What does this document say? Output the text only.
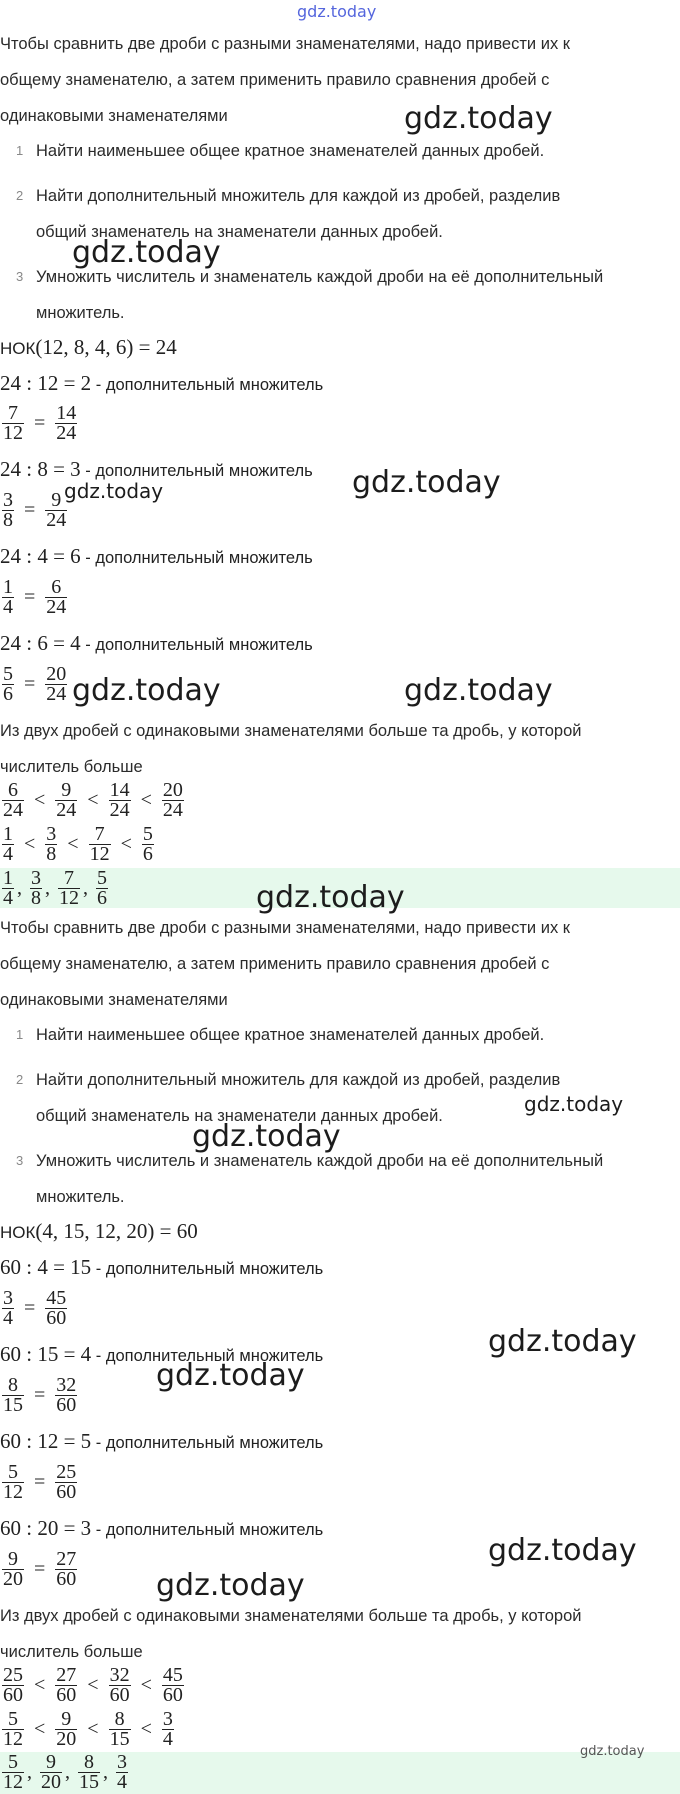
gdz.today
Чтобы сравнить две дроби с разными знаменателями, надо привести их к
общему знаменателю, а затем применить правило сравнения дробей с
одинаковыми знаменателями
1 Найти наименьшее общее кратное знаменателей данных дробей.
2 Найти дополнительный множитель для каждой из дробей, разделив
общий знаменатель на знаменатели данных дробей.
3 Умножить числитель и знаменатель каждой дроби на её дополнительный
множитель.
НОК(12, 8, 4, 6) = 24
24 : 12 = 2 - дополнительный множитель
$\frac{7}{12} = \frac{14}{24}$
24 : 8 = 3 - дополнительный множитель
$\frac{3}{8} = \frac{9}{24}$
24 : 4 = 6 - дополнительный множитель
$\frac{1}{4} = \frac{6}{24}$
24 : 6 = 4 - дополнительный множитель
$\frac{5}{6} = \frac{20}{24}$
Из двух дробей с одинаковыми знаменателями больше та дробь, у которой
числитель больше
$\frac{6}{24} < \frac{9}{24} < \frac{14}{24} < \frac{20}{24}$
$\frac{1}{4} < \frac{3}{8} < \frac{7}{12} < \frac{5}{6}$
$\frac{1}{4}$ , $\frac{3}{8}$ , $\frac{7}{12}$ , $\frac{5}{6}$
Чтобы сравнить две дроби с разными знаменателями, надо привести их к
общему знаменателю, а затем применить правило сравнения дробей с
одинаковыми знаменателями
1 Найти наименьшее общее кратное знаменателей данных дробей.
2 Найти дополнительный множитель для каждой из дробей, разделив
общий знаменатель на знаменатели данных дробей.
3 Умножить числитель и знаменатель каждой дроби на её дополнительный
множитель.
НОК(4, 15, 12, 20) = 60
60 : 4 = 15 - дополнительный множитель
$\frac{3}{4} = \frac{45}{60}$
60 : 15 = 4 - дополнительный множитель
$\frac{8}{15} = \frac{32}{60}$
60 : 12 = 5 - дополнительный множитель
$\frac{5}{12} = \frac{25}{60}$
60 : 20 = 3 - дополнительный множитель
$\frac{9}{20} = \frac{27}{60}$
Из двух дробей с одинаковыми знаменателями больше та дробь, у которой
числитель больше
$\frac{25}{60} < \frac{27}{60} < \frac{32}{60} < \frac{45}{60}$
$\frac{5}{12} < \frac{9}{20} < \frac{8}{15} < \frac{3}{4}$
$\frac{5}{12}$ , $\frac{9}{20}$ , $\frac{8}{15}$ , $\frac{3}{4}$
gdz.today
gdz.today
gdz.today
gdz.today
gdz.today	gdz.today
gdz.today
gdz.today
gdz.today
gdz.today
gdz.today
gdz.today
gdz.today
gdz.today
